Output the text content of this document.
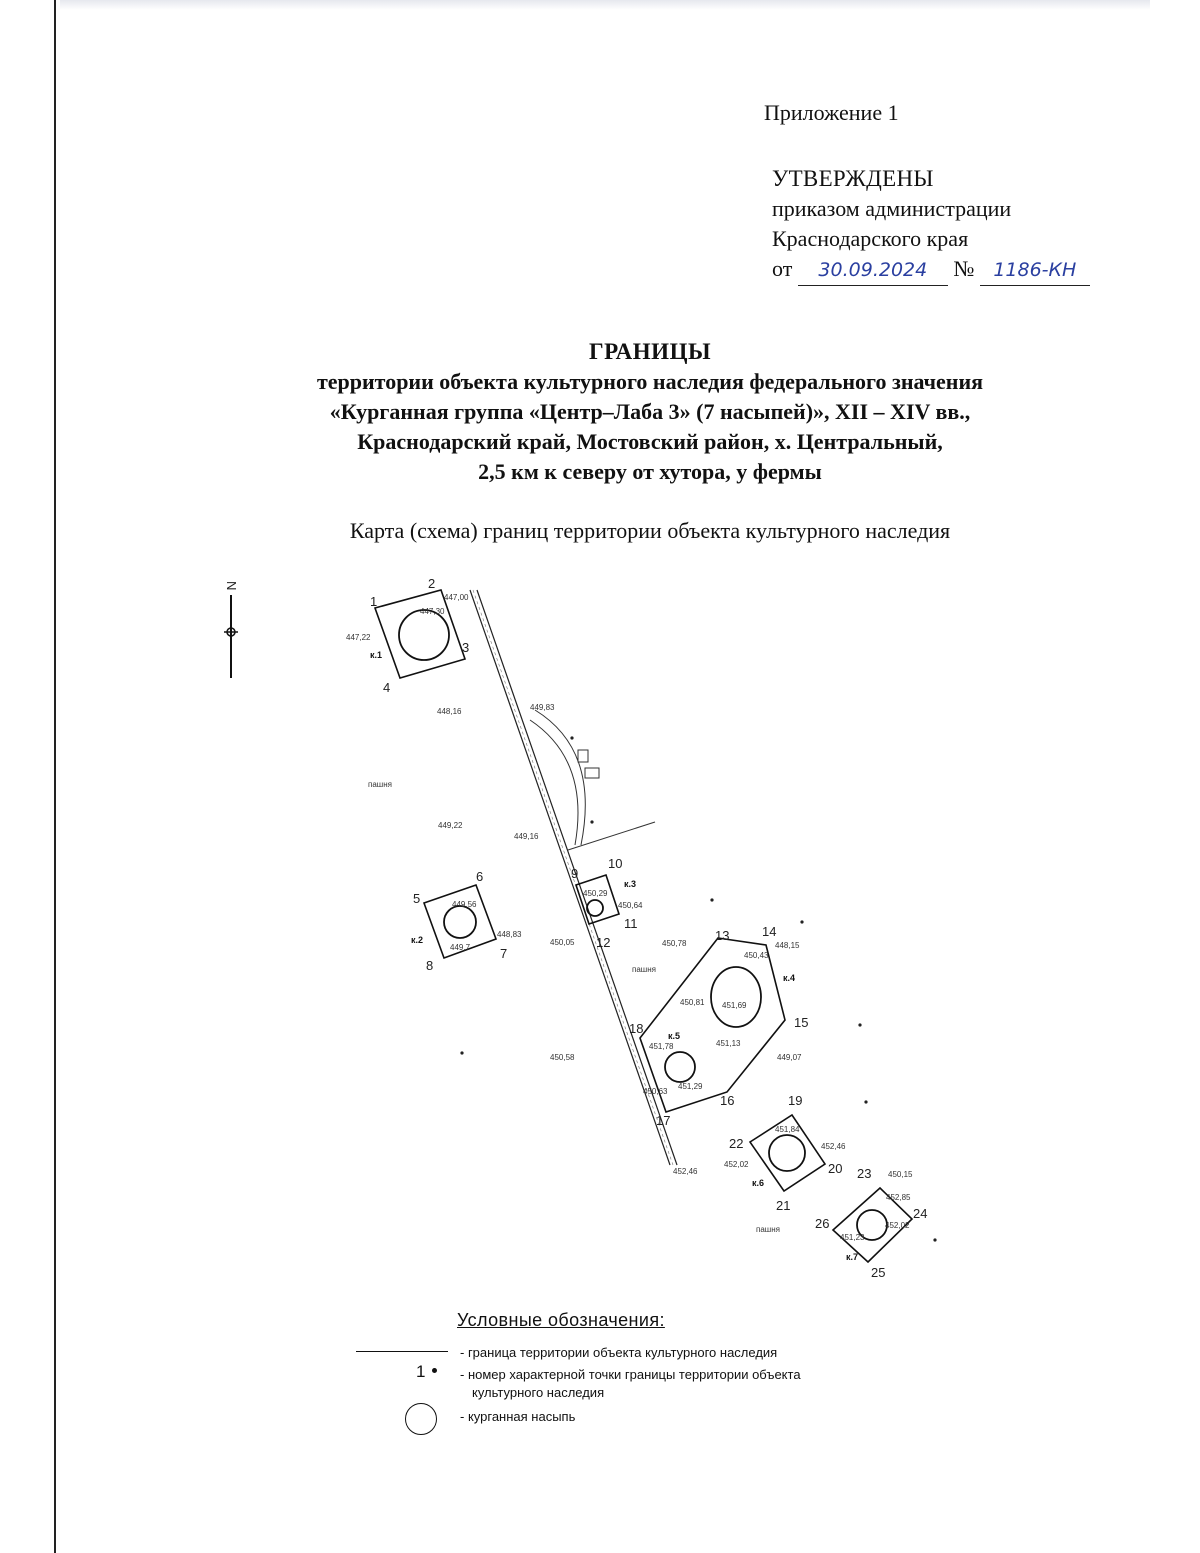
Приложение 1
УТВЕРЖДЕНЫ
приказом администрации
Краснодарского края
от 30.09.2024 № 1186-КН
ГРАНИЦЫ
территории объекта культурного наследия федерального значения
«Курганная группа «Центр–Лаба 3» (7 насыпей)», XII – XIV вв.,
Краснодарский край, Мостовский район, х. Центральный,
2,5 км к северу от хутора, у фермы
Карта (схема) границ территории объекта культурного наследия
N
к.1
к.2
к.3
к.4
к.5
к.6
к.7
1
2
3
4
5
6
7
8
9
10
11
12	13	14
15
16
17
18
19
20
21
22
23
24
25
26
447,22
447,00
447,30
448,16
448,83
449,22
449,16
449,56
449,83
449,7
450,29
450,64
450,05	450,78
450,43
448,15
451,69
450,81
451,13
449,07
451,78
451,29
450,58
450,63
452,46
451,84
452,46
452,02
450,15
452,85
452,02
451,23
пашня
пашня
пашня
Условные обозначения:
- граница территории объекта культурного наследия
1	- номер характерной точки границы территории объекта
культурного наследия
- курганная насыпь
